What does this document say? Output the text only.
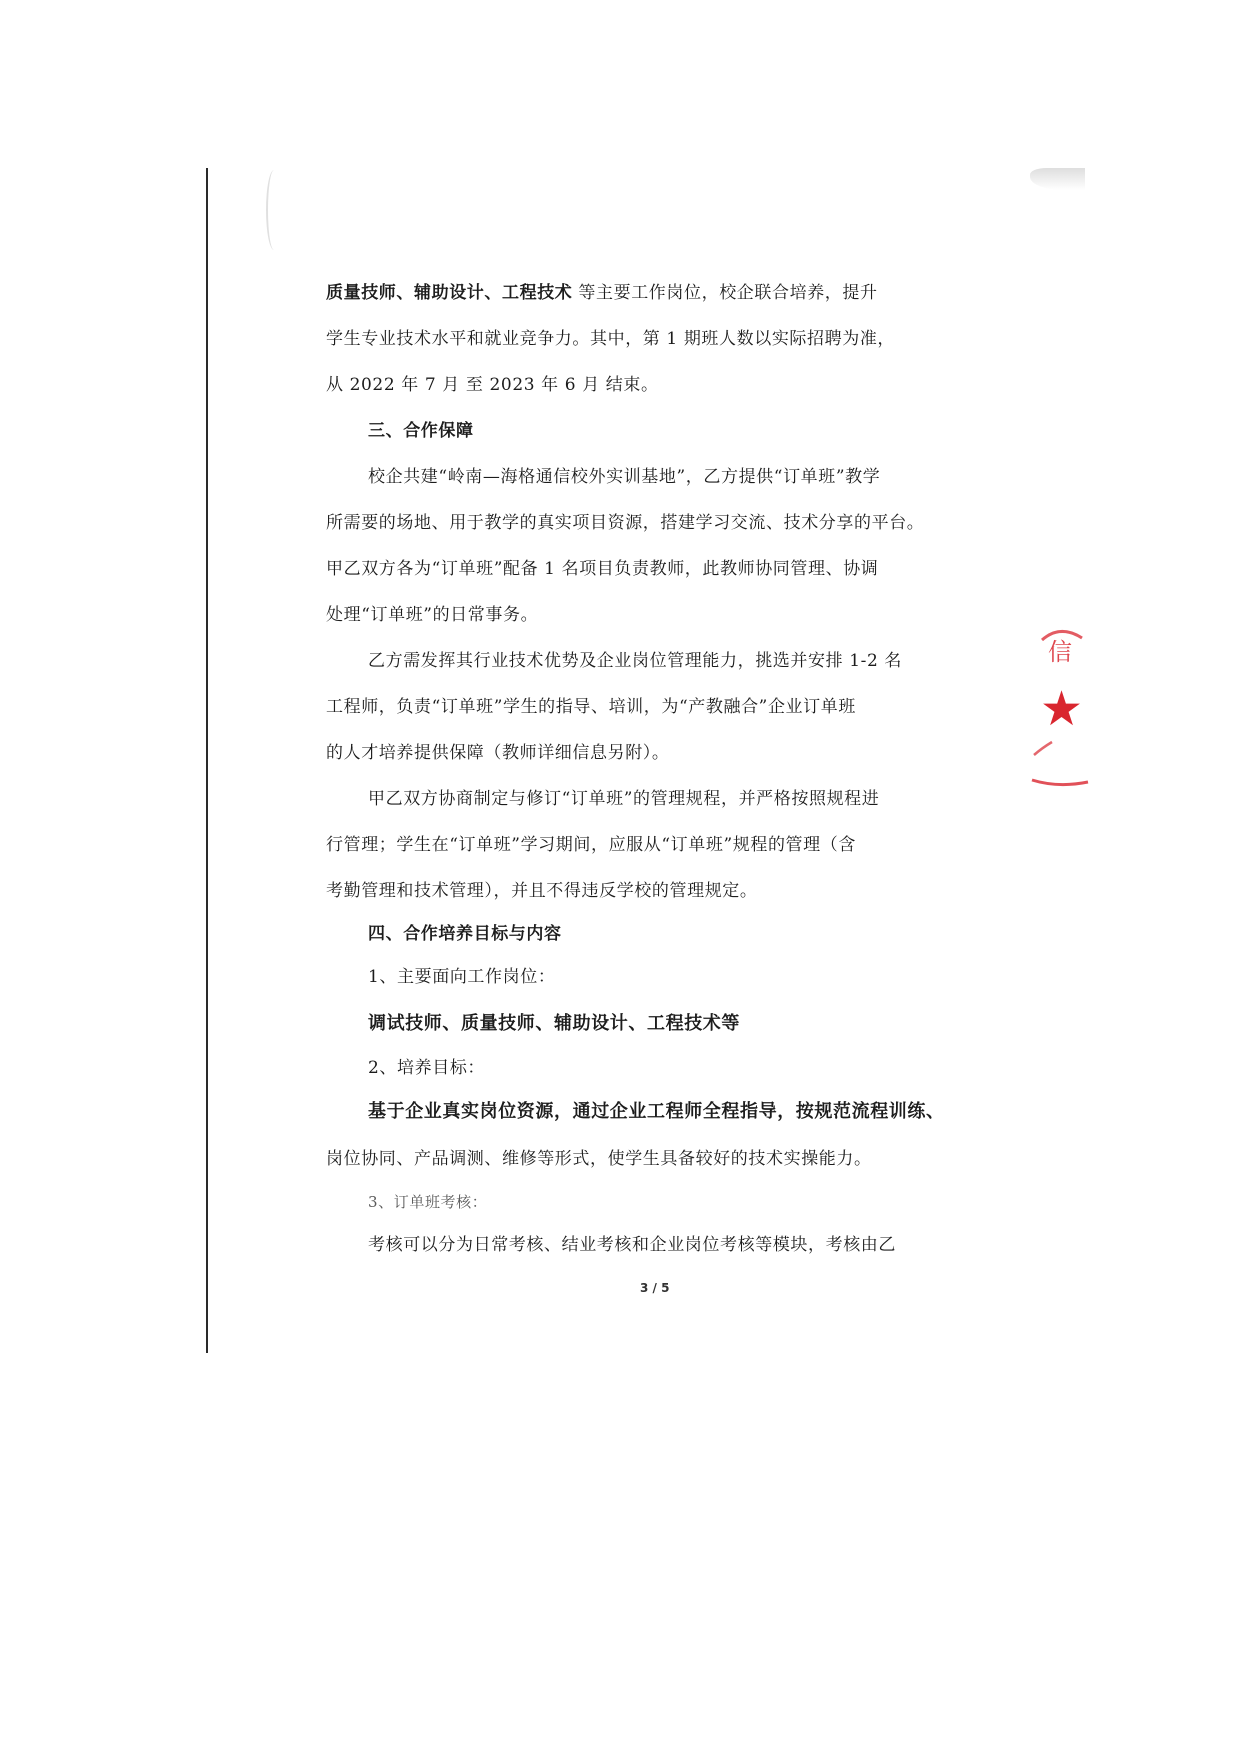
质量技师、辅助设计、工程技术 等主要工作岗位，校企联合培养，提升
学生专业技术水平和就业竞争力。其中，第 1 期班人数以实际招聘为准，
从 2022 年 7 月 至 2023 年 6 月 结束。
三、合作保障
校企共建“岭南—海格通信校外实训基地”，乙方提供“订单班”教学
所需要的场地、用于教学的真实项目资源，搭建学习交流、技术分享的平台。
甲乙双方各为“订单班”配备 1 名项目负责教师，此教师协同管理、协调
处理“订单班”的日常事务。
乙方需发挥其行业技术优势及企业岗位管理能力，挑选并安排 1-2 名
工程师，负责“订单班”学生的指导、培训，为“产教融合”企业订单班
的人才培养提供保障（教师详细信息另附）。
甲乙双方协商制定与修订“订单班”的管理规程，并严格按照规程进
行管理；学生在“订单班”学习期间，应服从“订单班”规程的管理（含
考勤管理和技术管理），并且不得违反学校的管理规定。
四、合作培养目标与内容
1、主要面向工作岗位：
调试技师、质量技师、辅助设计、工程技术等
2、培养目标：
基于企业真实岗位资源，通过企业工程师全程指导，按规范流程训练、
岗位协同、产品调测、维修等形式，使学生具备较好的技术实操能力。
3、订单班考核：
考核可以分为日常考核、结业考核和企业岗位考核等模块，考核由乙
3 / 5
信
★
